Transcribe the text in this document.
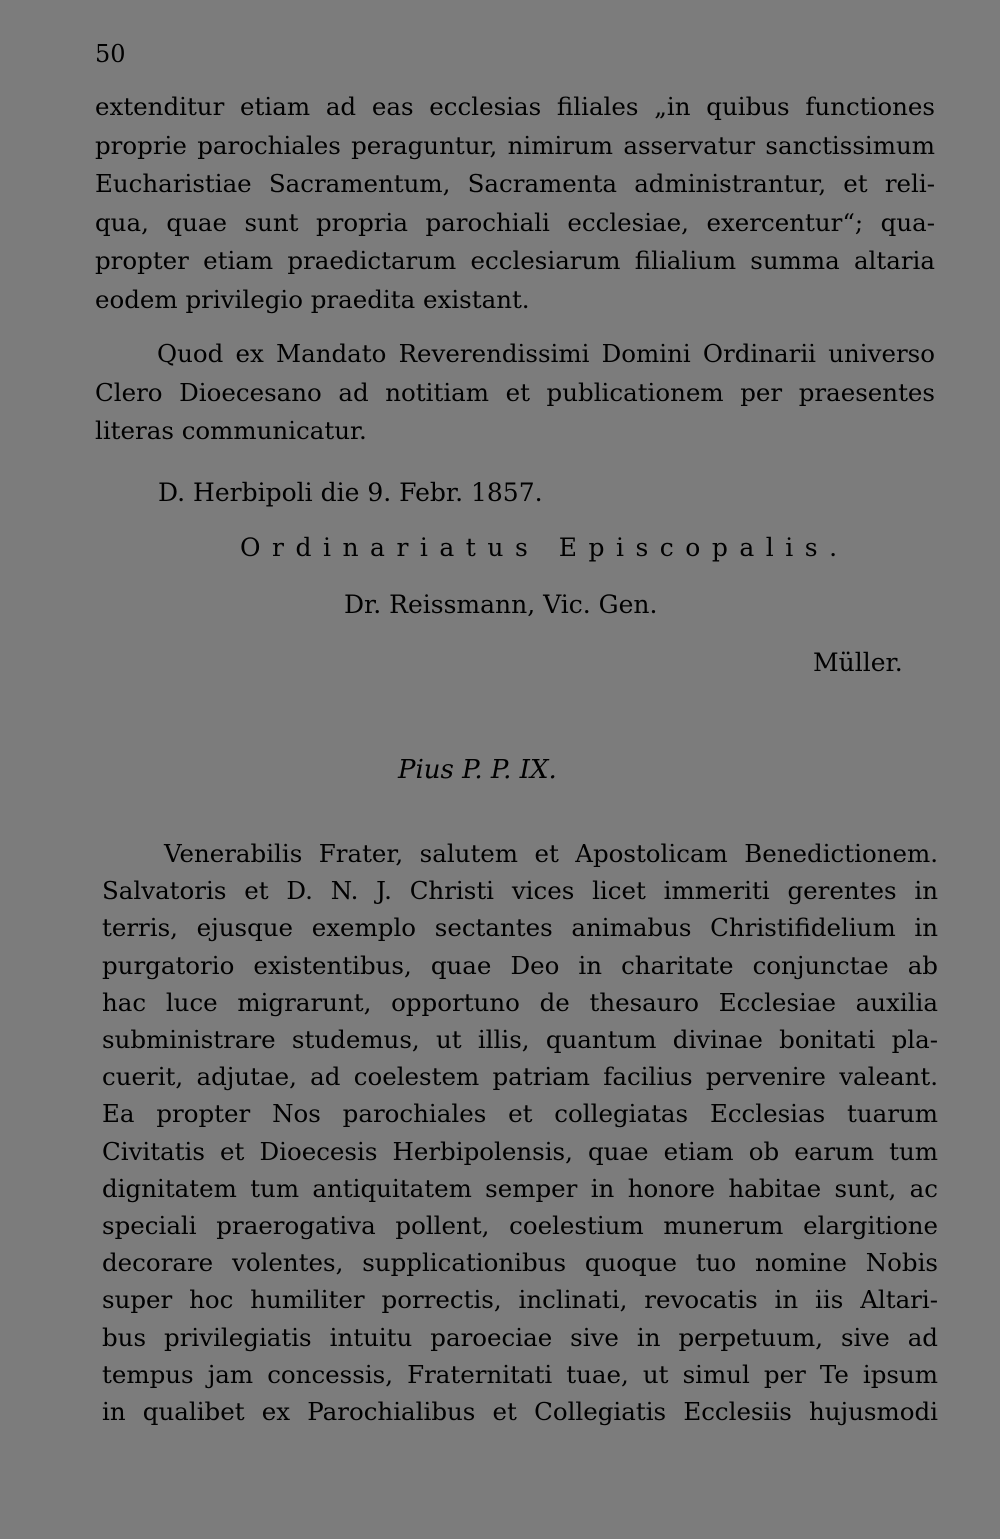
50
extenditur etiam ad eas ecclesias filiales „in quibus functiones
proprie parochiales peraguntur, nimirum asservatur sanctissimum
Eucharistiae Sacramentum, Sacramenta administrantur, et reli-
qua, quae sunt propria parochiali ecclesiae, exercentur“; qua-
propter etiam praedictarum ecclesiarum filialium summa altaria
eodem privilegio praedita existant.
Quod ex Mandato Reverendissimi Domini Ordinarii universo
Clero Dioecesano ad notitiam et publicationem per praesentes
literas communicatur.
D. Herbipoli die 9. Febr. 1857.
Ordinariatus Episcopalis.
Dr. Reissmann, Vic. Gen.
Müller.
Pius P. P. IX.
Venerabilis Frater, salutem et Apostolicam Benedictionem.
Salvatoris et D. N. J. Christi vices licet immeriti gerentes in
terris, ejusque exemplo sectantes animabus Christifidelium in
purgatorio existentibus, quae Deo in charitate conjunctae ab
hac luce migrarunt, opportuno de thesauro Ecclesiae auxilia
subministrare studemus, ut illis, quantum divinae bonitati pla-
cuerit, adjutae, ad coelestem patriam facilius pervenire valeant.
Ea propter Nos parochiales et collegiatas Ecclesias tuarum
Civitatis et Dioecesis Herbipolensis, quae etiam ob earum tum
dignitatem tum antiquitatem semper in honore habitae sunt, ac
speciali praerogativa pollent, coelestium munerum elargitione
decorare volentes, supplicationibus quoque tuo nomine Nobis
super hoc humiliter porrectis, inclinati, revocatis in iis Altari-
bus privilegiatis intuitu paroeciae sive in perpetuum, sive ad
tempus jam concessis, Fraternitati tuae, ut simul per Te ipsum
in qualibet ex Parochialibus et Collegiatis Ecclesiis hujusmodi
